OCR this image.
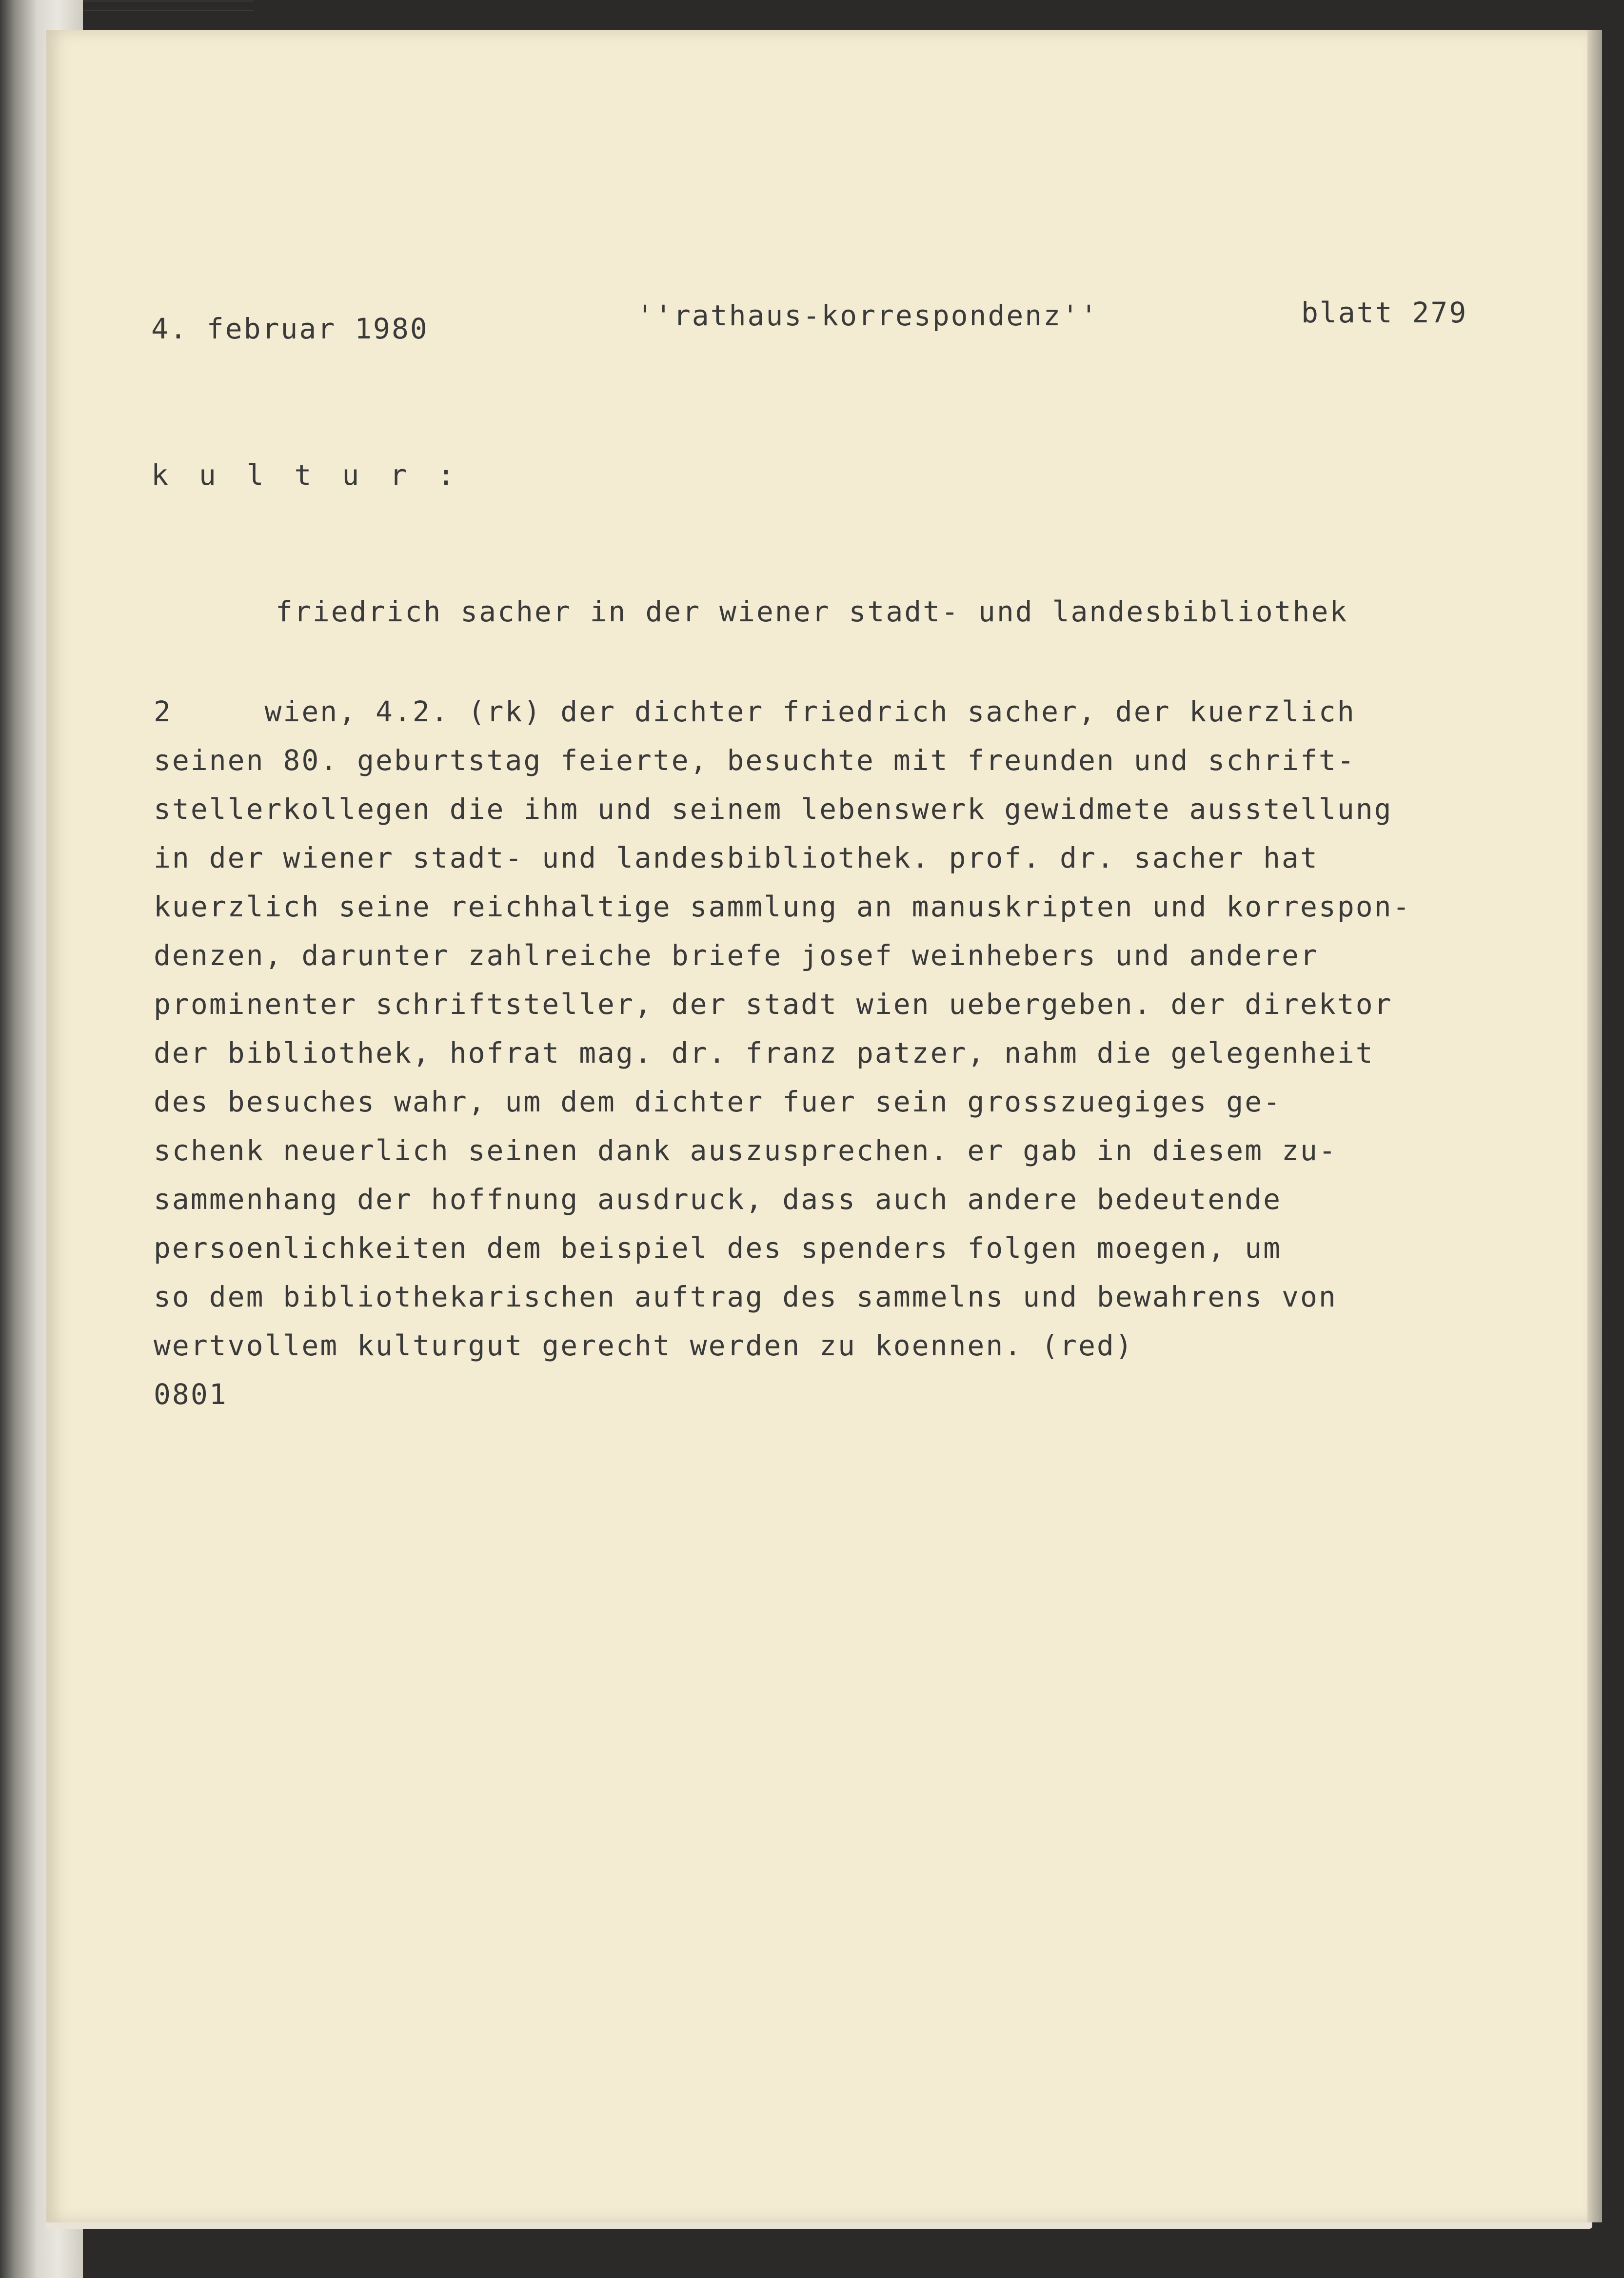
4. februar 1980	''rathaus-korrespondenz''	blatt 279
k u l t u r :
friedrich sacher in der wiener stadt- und landesbibliothek
2     wien, 4.2. (rk) der dichter friedrich sacher, der kuerzlich
seinen 80. geburtstag feierte, besuchte mit freunden und schrift-
stellerkollegen die ihm und seinem lebenswerk gewidmete ausstellung
in der wiener stadt- und landesbibliothek. prof. dr. sacher hat
kuerzlich seine reichhaltige sammlung an manuskripten und korrespon-
denzen, darunter zahlreiche briefe josef weinhebers und anderer
prominenter schriftsteller, der stadt wien uebergeben. der direktor
der bibliothek, hofrat mag. dr. franz patzer, nahm die gelegenheit
des besuches wahr, um dem dichter fuer sein grosszuegiges ge-
schenk neuerlich seinen dank auszusprechen. er gab in diesem zu-
sammenhang der hoffnung ausdruck, dass auch andere bedeutende
persoenlichkeiten dem beispiel des spenders folgen moegen, um
so dem bibliothekarischen auftrag des sammelns und bewahrens von
wertvollem kulturgut gerecht werden zu koennen. (red)
0801
